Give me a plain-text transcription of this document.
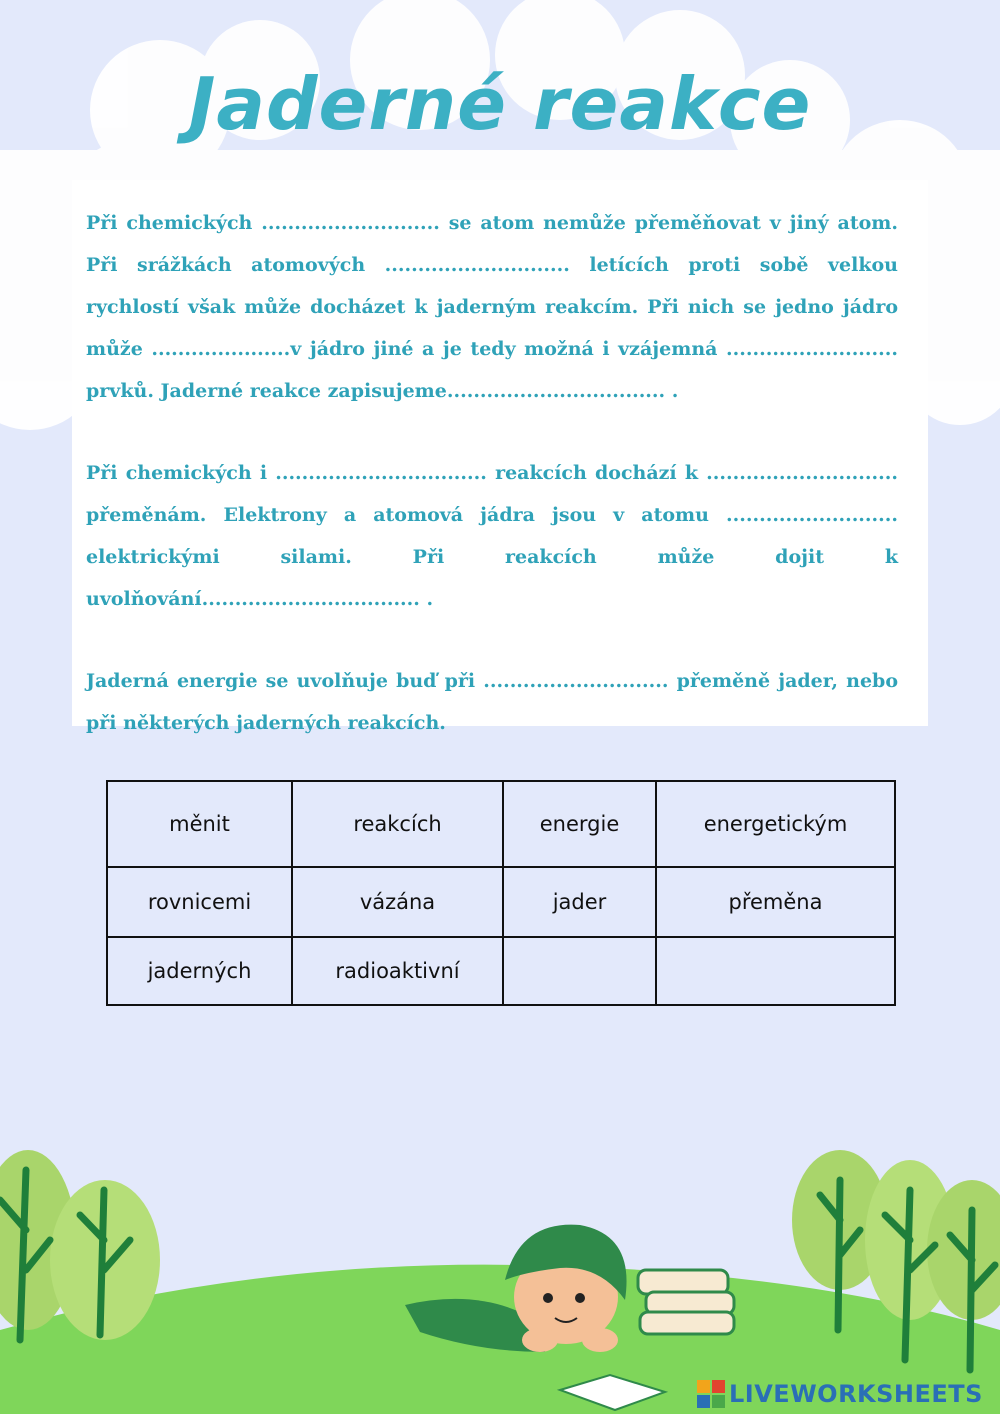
Jaderné reakce

Při chemických ........................... se atom nemůže přeměňovat v jiný atom. Při srážkách atomových ............................ letících proti sobě velkou rychlostí však může docházet k jaderným reakcím. Při nich se jedno jádro může .....................v jádro jiné a je tedy možná i vzájemná .......................... prvků. Jaderné reakce zapisujeme................................. .

Při chemických i ................................ reakcích dochází k ............................. přeměnám. Elektrony a atomová jádra jsou v atomu .......................... elektrickými silami. Při reakcích může dojit k uvolňování................................. .

Jaderná energie se uvolňuje buď při ............................ přeměně jader, nebo při některých jaderných reakcích.

měnit	reakcích	energie	energetickým
rovnicemi	vázána	jader	přeměna
jaderných	radioaktivní		
LIVEWORKSHEETS
